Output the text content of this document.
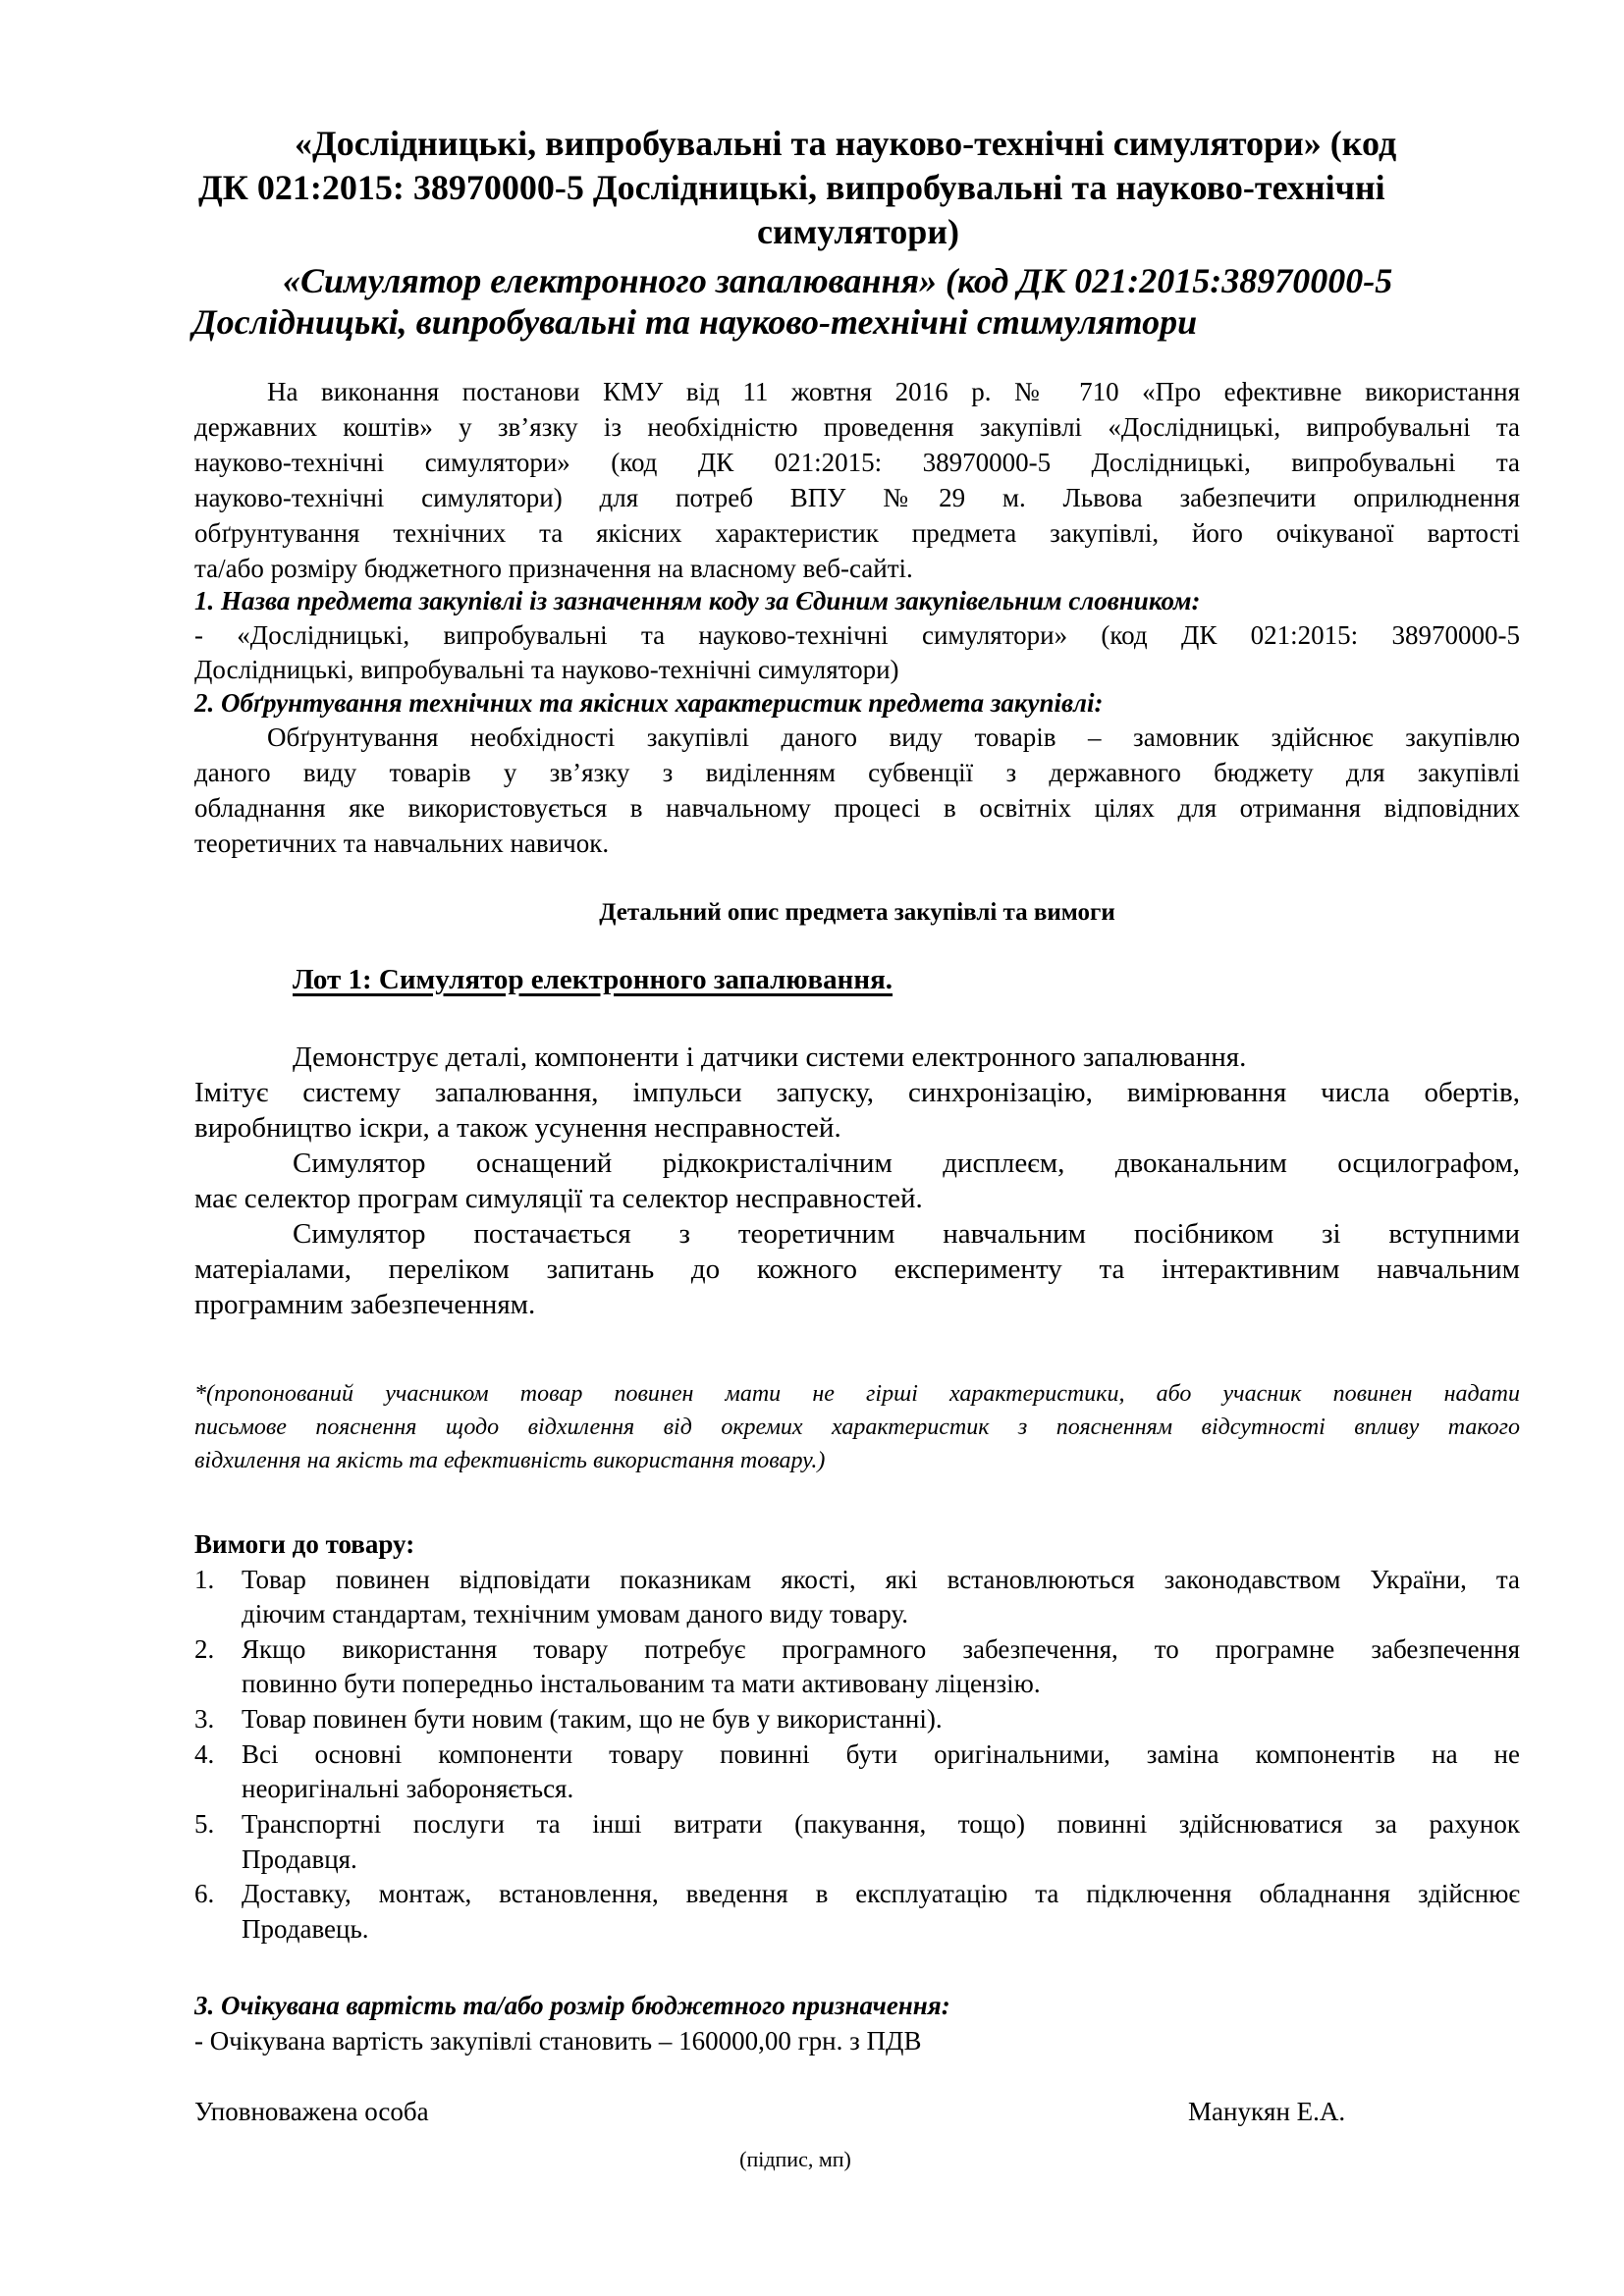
«Дослідницькі, випробувальні та науково-технічні симулятори» (код
ДК 021:2015: 38970000-5 Дослідницькі, випробувальні та науково-технічні
симулятори)
«Симулятор електронного запалювання» (код ДК 021:2015:38970000-5
Дослідницькі, випробувальні та науково-технічні стимулятори
На виконання постанови КМУ від 11 жовтня 2016 р. № 710 «Про ефективне використання
державних коштів» у зв’язку із необхідністю проведення закупівлі «Дослідницькі, випробувальні та
науково-технічні симулятори» (код ДК 021:2015: 38970000-5 Дослідницькі, випробувальні та
науково-технічні симулятори) для потреб ВПУ №29 м. Львова забезпечити оприлюднення
обґрунтування технічних та якісних характеристик предмета закупівлі, його очікуваної вартості
та/або розміру бюджетного призначення на власному веб-сайті.
1. Назва предмета закупівлі із зазначенням коду за Єдиним закупівельним словником:
- «Дослідницькі, випробувальні та науково-технічні симулятори» (код ДК 021:2015: 38970000-5
Дослідницькі, випробувальні та науково-технічні симулятори)
2. Обґрунтування технічних та якісних характеристик предмета закупівлі:
Обґрунтування необхідності закупівлі даного виду товарів – замовник здійснює закупівлю
даного виду товарів у зв’язку з виділенням субвенції з державного бюджету для закупівлі
обладнання яке використовується в навчальному процесі в освітніх цілях для отримання відповідних
теоретичних та навчальних навичок.
Детальний опис предмета закупівлі та вимоги
Лот 1: Симулятор електронного запалювання.
Демонструє деталі, компоненти і датчики системи електронного запалювання.
Імітує систему запалювання, імпульси запуску, синхронізацію, вимірювання числа обертів,
виробництво іскри, а також усунення несправностей.
Симулятор оснащений рідкокристалічним дисплеєм, двоканальним осцилографом,
має селектор програм симуляції та селектор несправностей.
Симулятор постачається з теоретичним навчальним посібником зі вступними
матеріалами, переліком запитань до кожного експерименту та інтерактивним навчальним
програмним забезпеченням.
*(пропонований учасником товар повинен мати не гірші характеристики, або учасник повинен надати
письмове пояснення щодо відхилення від окремих характеристик з поясненням відсутності впливу такого
відхилення на якість та ефективність використання товару.)
Вимоги до товару:
1. Товар повинен відповідати показникам якості, які встановлюються законодавством України, та
діючим стандартам, технічним умовам даного виду товару.
2. Якщо використання товару потребує програмного забезпечення, то програмне забезпечення
повинно бути попередньо інстальованим та мати активовану ліцензію.
3. Товар повинен бути новим (таким, що не був у використанні).
4. Всі основні компоненти товару повинні бути оригінальними, заміна компонентів на не
неоригінальні забороняється.
5. Транспортні послуги та інші витрати (пакування, тощо) повинні здійснюватися за рахунок
Продавця.
6. Доставку, монтаж, встановлення, введення в експлуатацію та підключення обладнання здійснює
Продавець.
3. Очікувана вартість та/або розмір бюджетного призначення:
- Очікувана вартість закупівлі становить – 160000,00 грн. з ПДВ
Уповноважена особа	Манукян Е.А.
(підпис, мп)
